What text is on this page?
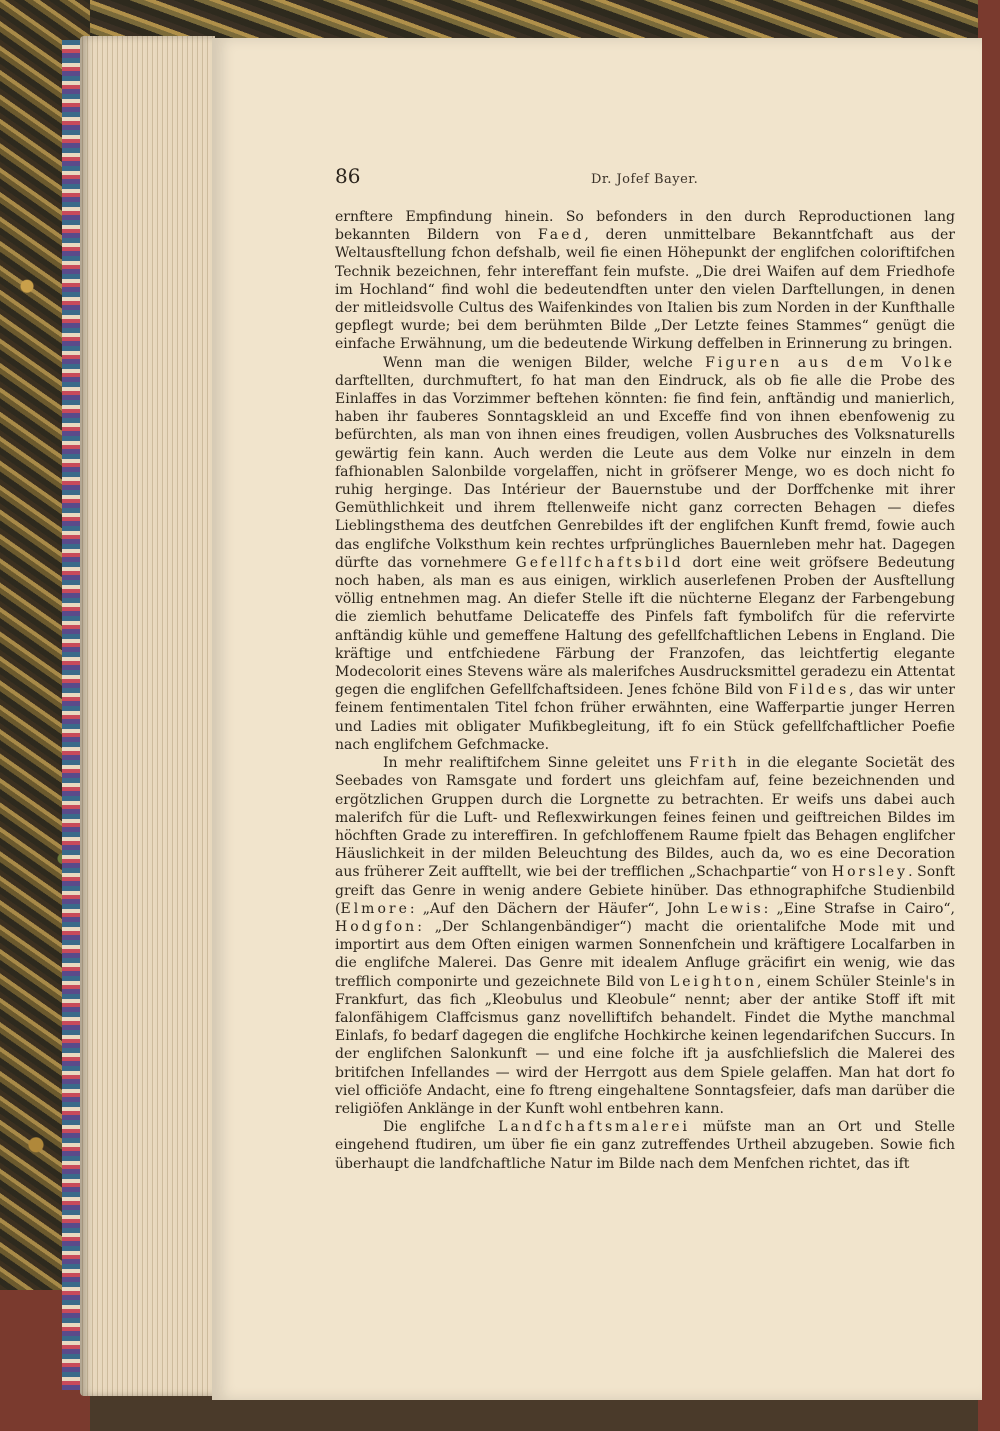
86	Dr. Jofef Bayer.

ernftere Empfindung hinein. So befonders in den durch Reproductionen lang bekannten Bildern von Faed, deren unmittelbare Bekanntfchaft aus der Weltausftellung fchon defshalb, weil fie einen Höhepunkt der englifchen coloriftifchen Technik bezeichnen, fehr intereffant fein mufste. „Die drei Waifen auf dem Friedhofe im Hochland“ find wohl die bedeutendften unter den vielen Darftellungen, in denen der mitleidsvolle Cultus des Waifenkindes von Italien bis zum Norden in der Kunfthalle gepflegt wurde; bei dem berühmten Bilde „Der Letzte feines Stammes“ genügt die einfache Erwähnung, um die bedeutende Wirkung deffelben in Erinnerung zu bringen.

Wenn man die wenigen Bilder, welche Figuren aus dem Volke darftellten, durchmuftert, fo hat man den Eindruck, als ob fie alle die Probe des Einlaffes in das Vorzimmer beftehen könnten: fie find fein, anftändig und manierlich, haben ihr fauberes Sonntagskleid an und Exceffe find von ihnen ebenfowenig zu befürchten, als man von ihnen eines freudigen, vollen Ausbruches des Volksnaturells gewärtig fein kann. Auch werden die Leute aus dem Volke nur einzeln in dem fafhionablen Salonbilde vorgelaffen, nicht in gröfserer Menge, wo es doch nicht fo ruhig herginge. Das Intérieur der Bauernstube und der Dorffchenke mit ihrer Gemüthlichkeit und ihrem ftellenweife nicht ganz correcten Behagen — diefes Lieblingsthema des deutfchen Genrebildes ift der englifchen Kunft fremd, fowie auch das englifche Volksthum kein rechtes urfprüngliches Bauernleben mehr hat. Dagegen dürfte das vornehmere Gefellfchaftsbild dort eine weit gröfsere Bedeutung noch haben, als man es aus einigen, wirklich auserlefenen Proben der Ausftellung völlig entnehmen mag. An diefer Stelle ift die nüchterne Eleganz der Farbengebung die ziemlich behutfame Delicateffe des Pinfels faft fymbolifch für die refervirte anftändig kühle und gemeffene Haltung des gefellfchaftlichen Lebens in England. Die kräftige und entfchiedene Färbung der Franzofen, das leichtfertig elegante Modecolorit eines Stevens wäre als malerifches Ausdrucksmittel geradezu ein Attentat gegen die englifchen Gefellfchaftsideen. Jenes fchöne Bild von Fildes, das wir unter feinem fentimentalen Titel fchon früher erwähnten, eine Wafferpartie junger Herren und Ladies mit obligater Mufikbegleitung, ift fo ein Stück gefellfchaftlicher Poefie nach englifchem Gefchmacke.

In mehr realiftifchem Sinne geleitet uns Frith in die elegante Societät des Seebades von Ramsgate und fordert uns gleichfam auf, feine bezeichnenden und ergötzlichen Gruppen durch die Lorgnette zu betrachten. Er weifs uns dabei auch malerifch für die Luft- und Reflexwirkungen feines feinen und geiftreichen Bildes im höchften Grade zu intereffiren. In gefchloffenem Raume fpielt das Behagen englifcher Häuslichkeit in der milden Beleuchtung des Bildes, auch da, wo es eine Decoration aus früherer Zeit aufftellt, wie bei der trefflichen „Schachpartie“ von Horsley. Sonft greift das Genre in wenig andere Gebiete hinüber. Das ethnographifche Studienbild (Elmore: „Auf den Dächern der Häufer“, John Lewis: „Eine Strafse in Cairo“, Hodgfon: „Der Schlangenbändiger“) macht die orientalifche Mode mit und importirt aus dem Often einigen warmen Sonnenfchein und kräftigere Localfarben in die englifche Malerei. Das Genre mit idealem Anfluge gräcifirt ein wenig, wie das trefflich componirte und gezeichnete Bild von Leighton, einem Schüler Steinle's in Frankfurt, das fich „Kleobulus und Kleobule“ nennt; aber der antike Stoff ift mit falonfähigem Claffcismus ganz novelliftifch behandelt. Findet die Mythe manchmal Einlafs, fo bedarf dagegen die englifche Hochkirche keinen legendarifchen Succurs. In der englifchen Salonkunft — und eine folche ift ja ausfchliefslich die Malerei des britifchen Infellandes — wird der Herrgott aus dem Spiele gelaffen. Man hat dort fo viel officiöfe Andacht, eine fo ftreng eingehaltene Sonntagsfeier, dafs man darüber die religiöfen Anklänge in der Kunft wohl entbehren kann.

Die englifche Landfchaftsmalerei müfste man an Ort und Stelle eingehend ftudiren, um über fie ein ganz zutreffendes Urtheil abzugeben. Sowie fich überhaupt die landfchaftliche Natur im Bilde nach dem Menfchen richtet, das ift
